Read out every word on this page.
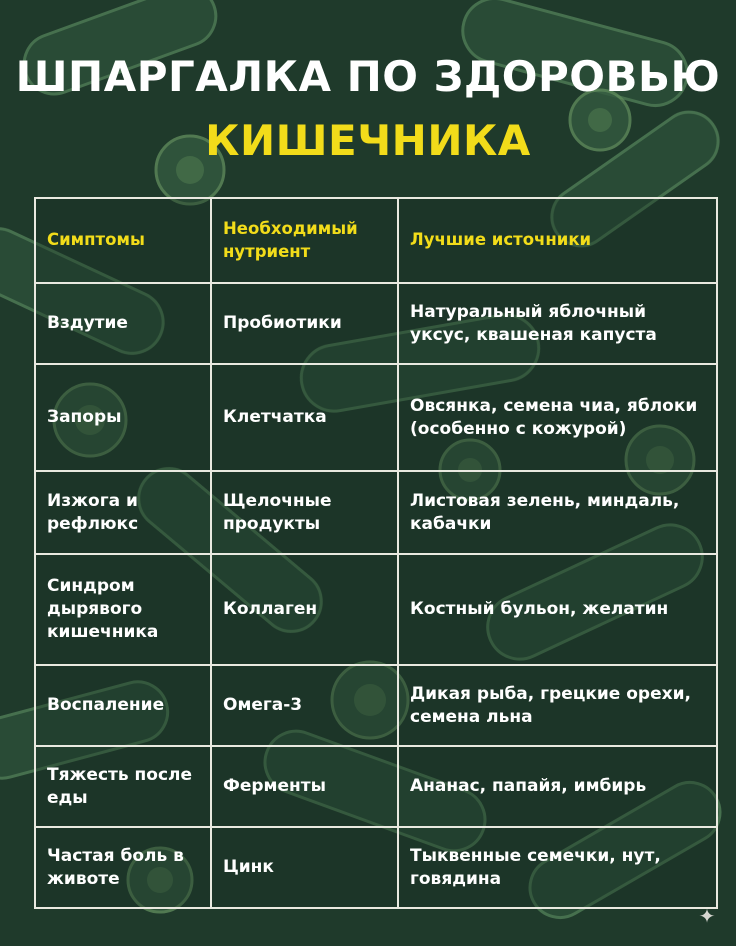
ШПАРГАЛКА ПО ЗДОРОВЬЮ
КИШЕЧНИКА
Симптомы	Необходимый нутриент	Лучшие источники
Вздутие	Пробиотики	Натуральный яблочный уксус, квашеная капуста
Запоры	Клетчатка	Овсянка, семена чиа, яблоки (особенно с кожурой)
Изжога и рефлюкс	Щелочные продукты	Листовая зелень, миндаль, кабачки
Синдром дырявого кишечника	Коллаген	Костный бульон, желатин
Воспаление	Омега-3	Дикая рыба, грецкие орехи, семена льна
Тяжесть после еды	Ферменты	Ананас, папайя, имбирь
Частая боль в животе	Цинк	Тыквенные семечки, нут, говядина
✦
